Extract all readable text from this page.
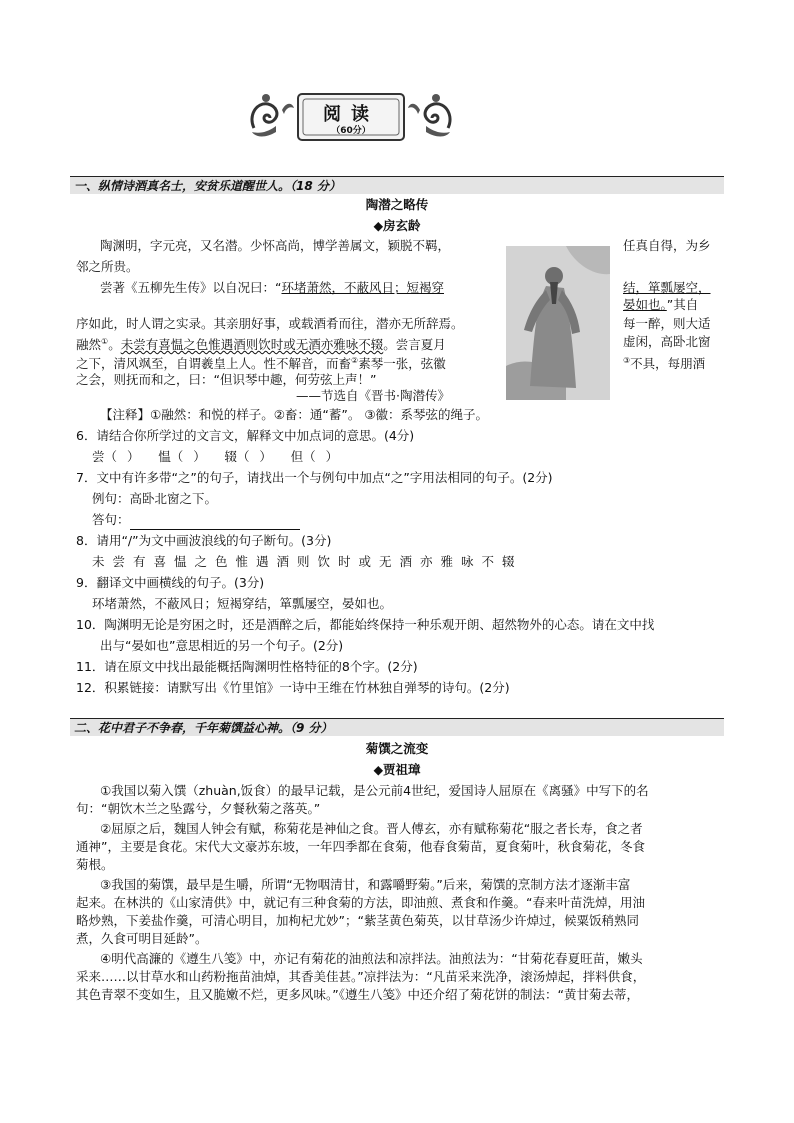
阅读
（60分）
一、纵情诗酒真名士，安贫乐道醒世人。（18 分）
陶潜之略传
◆房玄龄
陶渊明，字元亮，又名潜。少怀高尚，博学善属文，颖脱不羁，	任真自得，为乡
邻之所贵。
尝著《五柳先生传》以自况曰：“环堵萧然，不蔽风日；短褐穿	结，箪瓢屡空，
晏如也。”其自
序如此，时人谓之实录。其亲朋好事，或载酒肴而往，潜亦无所辞焉。	每一醉，则大适
融然①。未尝有喜愠之色惟遇酒则饮时或无酒亦雅咏不辍。尝言夏月	虚闲，高卧北窗
之下，清风飒至，自谓羲皇上人。性不解音，而畜②素琴一张，弦徽	③不具，每朋酒
之会，则抚而和之，曰：“但识琴中趣，何劳弦上声！”
——节选自《晋书·陶潜传》
【注释】①融然：和悦的样子。②畜：通“蓄”。 ③徽：系琴弦的绳子。
6．请结合你所学过的文言文，解释文中加点词的意思。(4分)
尝（ ）　　愠（ ）　　辍（ ）　　但（ ）
7．文中有许多带“之”的句子，请找出一个与例句中加点“之”字用法相同的句子。(2分)
例句：高卧北窗之下。
答句：
8．请用“/”为文中画波浪线的句子断句。(3分)
未尝有喜愠之色惟遇酒则饮时或无酒亦雅咏不辍
9．翻译文中画横线的句子。(3分)
环堵萧然，不蔽风日；短褐穿结，箪瓢屡空，晏如也。
10．陶渊明无论是穷困之时，还是酒醉之后，都能始终保持一种乐观开朗、超然物外的心态。请在文中找
出与“晏如也”意思相近的另一个句子。(2分)
11．请在原文中找出最能概括陶渊明性格特征的8个字。(2分)
12．积累链接：请默写出《竹里馆》一诗中王维在竹林独自弹琴的诗句。(2分)
二、花中君子不争春，千年菊馔益心神。（9 分）
菊馔之流变
◆贾祖璋
①我国以菊入馔（zhuàn,饭食）的最早记载，是公元前4世纪，爱国诗人屈原在《离骚》中写下的名
句：“朝饮木兰之坠露兮，夕餐秋菊之落英。”
②屈原之后，魏国人钟会有赋，称菊花是神仙之食。晋人傅玄，亦有赋称菊花“服之者长寿，食之者
通神”，主要是食花。宋代大文豪苏东坡，一年四季都在食菊，他春食菊苗，夏食菊叶，秋食菊花，冬食
菊根。
③我国的菊馔，最早是生嚼，所谓“无物咽清甘，和露嚼野菊。”后来，菊馔的烹制方法才逐渐丰富
起来。在林洪的《山家清供》中，就记有三种食菊的方法，即油煎、煮食和作羹。“春来叶苗洗焯，用油
略炒熟，下姜盐作羹，可清心明目，加枸杞尤妙”；“紫茎黄色菊英，以甘草汤少许焯过，候粟饭稍熟同
煮，久食可明目延龄”。
④明代高濂的《遵生八笺》中，亦记有菊花的油煎法和凉拌法。油煎法为：“甘菊花春夏旺苗，嫩头
采来……以甘草水和山药粉拖苗油焯，其香美佳甚。”凉拌法为：“凡苗采来洗净，滚汤焯起，拌料供食，
其色青翠不变如生，且又脆嫩不烂，更多风味。”《遵生八笺》中还介绍了菊花饼的制法：“黄甘菊去蒂，
